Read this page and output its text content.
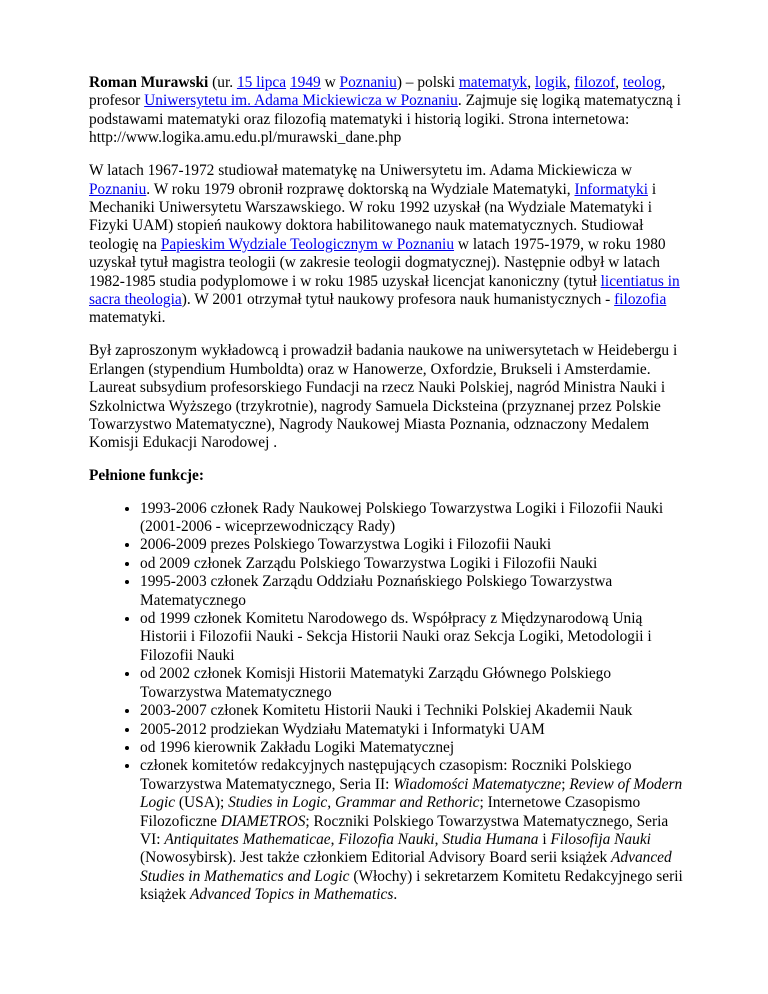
Roman Murawski (ur. 15 lipca 1949 w Poznaniu) – polski matematyk, logik, filozof, teolog, profesor Uniwersytetu im. Adama Mickiewicza w Poznaniu. Zajmuje się logiką matematyczną i podstawami matematyki oraz filozofią matematyki i historią logiki. Strona internetowa: http://www.logika.amu.edu.pl/murawski_dane.php

W latach 1967-1972 studiował matematykę na Uniwersytetu im. Adama Mickiewicza w Poznaniu. W roku 1979 obronił rozprawę doktorską na Wydziale Matematyki, Informatyki i Mechaniki Uniwersytetu Warszawskiego. W roku 1992 uzyskał (na Wydziale Matematyki i Fizyki UAM) stopień naukowy doktora habilitowanego nauk matematycznych. Studiował teologię na Papieskim Wydziale Teologicznym w Poznaniu w latach 1975-1979, w roku 1980 uzyskał tytuł magistra teologii (w zakresie teologii dogmatycznej). Następnie odbył w latach 1982-1985 studia podyplomowe i w roku 1985 uzyskał licencjat kanoniczny (tytuł licentiatus in sacra theologia). W 2001 otrzymał tytuł naukowy profesora nauk humanistycznych - filozofia matematyki.

Był zaproszonym wykładowcą i prowadził badania naukowe na uniwersytetach w Heidebergu i Erlangen (stypendium Humboldta) oraz w Hanowerze, Oxfordzie, Brukseli i Amsterdamie. Laureat subsydium profesorskiego Fundacji na rzecz Nauki Polskiej, nagród Ministra Nauki i Szkolnictwa Wyższego (trzykrotnie), nagrody Samuela Dicksteina (przyznanej przez Polskie Towarzystwo Matematyczne), Nagrody Naukowej Miasta Poznania, odznaczony Medalem Komisji Edukacji Narodowej .

Pełnione funkcje:

• 1993-2006 członek Rady Naukowej Polskiego Towarzystwa Logiki i Filozofii Nauki (2001-2006 - wiceprzewodniczący Rady)
• 2006-2009 prezes Polskiego Towarzystwa Logiki i Filozofii Nauki
• od 2009 członek Zarządu Polskiego Towarzystwa Logiki i Filozofii Nauki
• 1995-2003 członek Zarządu Oddziału Poznańskiego Polskiego Towarzystwa Matematycznego
• od 1999 członek Komitetu Narodowego ds. Współpracy z Międzynarodową Unią Historii i Filozofii Nauki - Sekcja Historii Nauki oraz Sekcja Logiki, Metodologii i Filozofii Nauki
• od 2002 członek Komisji Historii Matematyki Zarządu Głównego Polskiego Towarzystwa Matematycznego
• 2003-2007 członek Komitetu Historii Nauki i Techniki Polskiej Akademii Nauk
• 2005-2012 prodziekan Wydziału Matematyki i Informatyki UAM
• od 1996 kierownik Zakładu Logiki Matematycznej
• członek komitetów redakcyjnych następujących czasopism: Roczniki Polskiego Towarzystwa Matematycznego, Seria II: Wiadomości Matematyczne; Review of Modern Logic (USA); Studies in Logic, Grammar and Rethoric; Internetowe Czasopismo Filozoficzne DIAMETROS; Roczniki Polskiego Towarzystwa Matematycznego, Seria VI: Antiquitates Mathematicae, Filozofia Nauki, Studia Humana i Filosofija Nauki (Nowosybirsk). Jest także członkiem Editorial Advisory Board serii książek Advanced Studies in Mathematics and Logic (Włochy) i sekretarzem Komitetu Redakcyjnego serii książek Advanced Topics in Mathematics.
